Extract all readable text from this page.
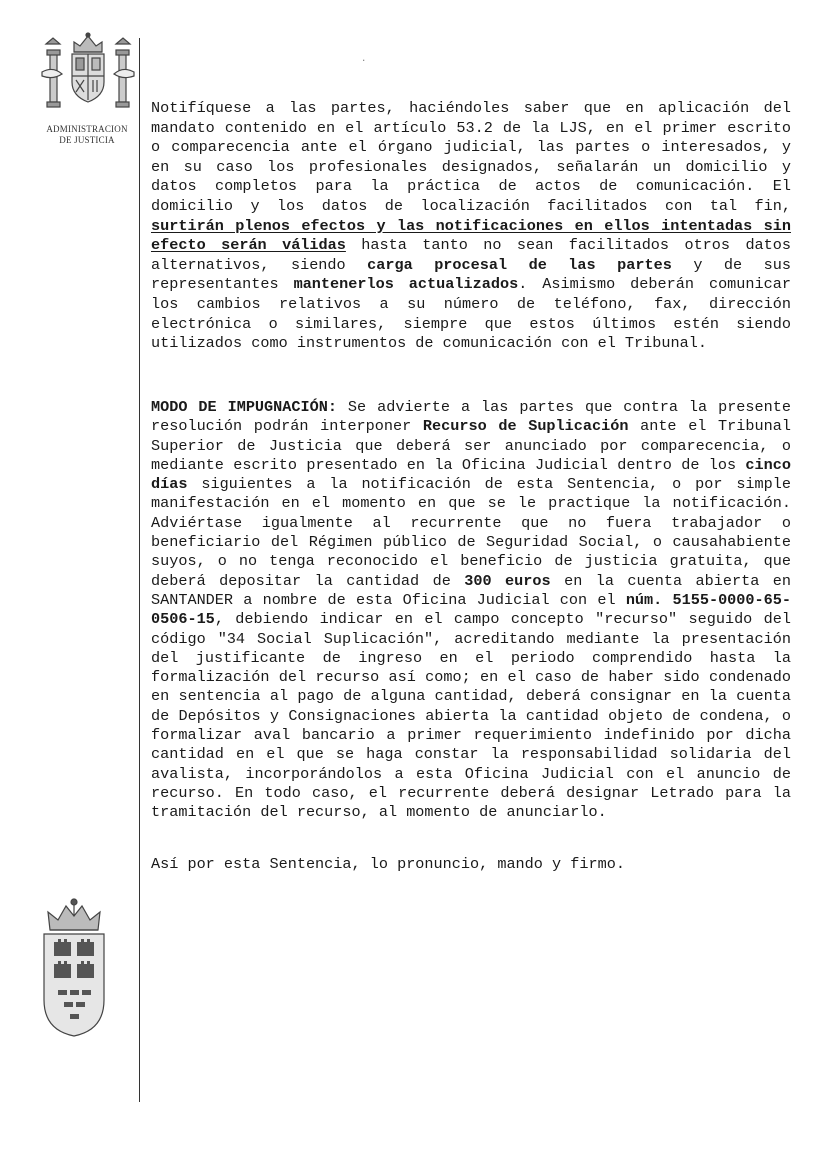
ADMINISTRACION
DE JUSTICIA
.

Notifíquese a las partes, haciéndoles saber que en aplicación del mandato contenido en el artículo 53.2 de la LJS, en el primer escrito o comparecencia ante el órgano judicial, las partes o interesados, y en su caso los profesionales designados, señalarán un domicilio y datos completos para la práctica de actos de comunicación. El domicilio y los datos de localización facilitados con tal fin, surtirán plenos efectos y las notificaciones en ellos intentadas sin efecto serán válidas hasta tanto no sean facilitados otros datos alternativos, siendo carga procesal de las partes y de sus representantes mantenerlos actualizados. Asimismo deberán comunicar los cambios relativos a su número de teléfono, fax, dirección electrónica o similares, siempre que estos últimos estén siendo utilizados como instrumentos de comunicación con el Tribunal.

MODO DE IMPUGNACIÓN: Se advierte a las partes que contra la presente resolución podrán interponer Recurso de Suplicación ante el Tribunal Superior de Justicia que deberá ser anunciado por comparecencia, o mediante escrito presentado en la Oficina Judicial dentro de los cinco días siguientes a la notificación de esta Sentencia, o por simple manifestación en el momento en que se le practique la notificación. Adviértase igualmente al recurrente que no fuera trabajador o beneficiario del Régimen público de Seguridad Social, o causahabiente suyos, o no tenga reconocido el beneficio de justicia gratuita, que deberá depositar la cantidad de 300 euros en la cuenta abierta en SANTANDER a nombre de esta Oficina Judicial con el núm. 5155-0000-65-0506-15, debiendo indicar en el campo concepto "recurso" seguido del código "34 Social Suplicación", acreditando mediante la presentación del justificante de ingreso en el periodo comprendido hasta la formalización del recurso así como; en el caso de haber sido condenado en sentencia al pago de alguna cantidad, deberá consignar en la cuenta de Depósitos y Consignaciones abierta la cantidad objeto de condena, o formalizar aval bancario a primer requerimiento indefinido por dicha cantidad en el que se haga constar la responsabilidad solidaria del avalista, incorporándolos a esta Oficina Judicial con el anuncio de recurso. En todo caso, el recurrente deberá designar Letrado para la tramitación del recurso, al momento de anunciarlo.

Así por esta Sentencia, lo pronuncio, mando y firmo.
